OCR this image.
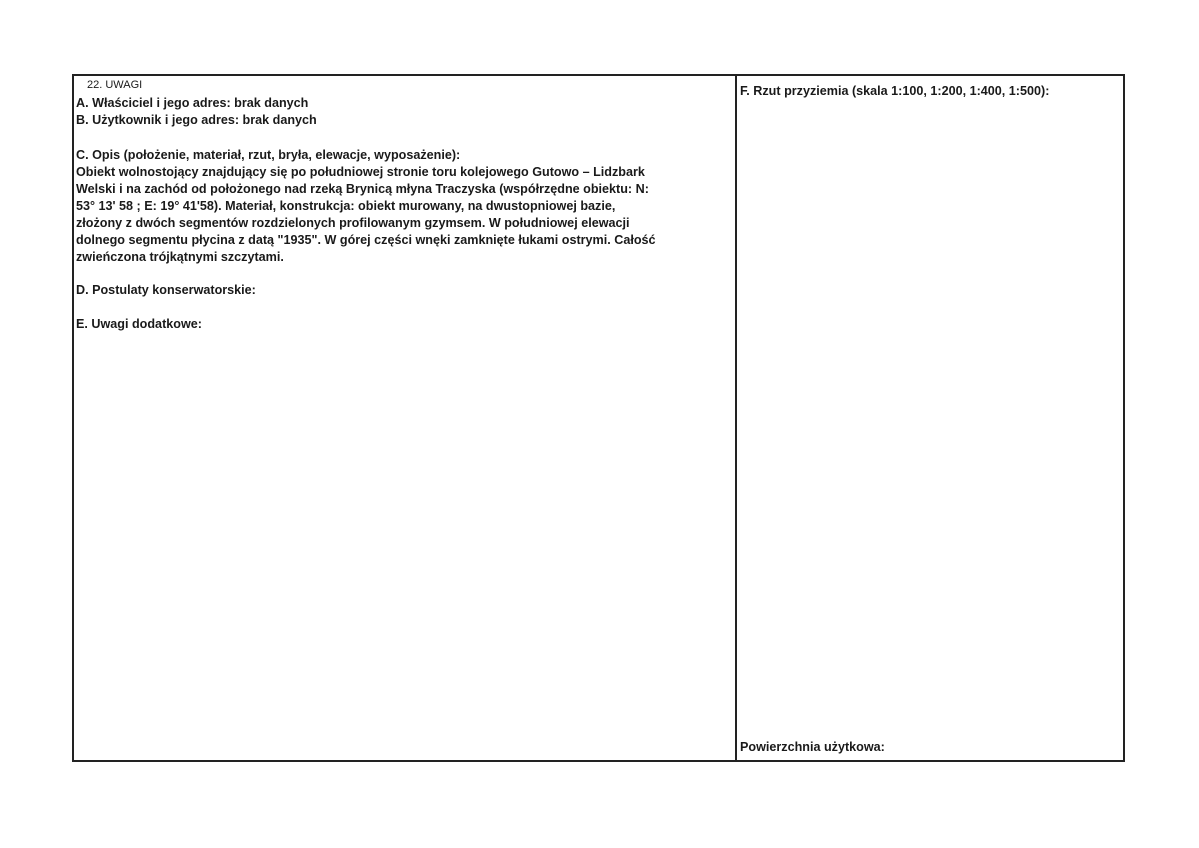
22. UWAGI
A. Właściciel i jego adres: brak danych
B. Użytkownik i jego adres: brak danych
C. Opis (położenie, materiał, rzut, bryła, elewacje, wyposażenie):
Obiekt wolnostojący znajdujący się po południowej stronie toru kolejowego Gutowo – Lidzbark
Welski i na zachód od położonego nad rzeką Brynicą młyna Traczyska (współrzędne obiektu: N:
53° 13' 58 ; E: 19° 41'58). Materiał, konstrukcja: obiekt murowany, na dwustopniowej bazie,
złożony z dwóch segmentów rozdzielonych profilowanym gzymsem. W południowej elewacji
dolnego segmentu płycina z datą "1935". W górej części wnęki zamknięte łukami ostrymi. Całość
zwieńczona trójkątnymi szczytami.
D. Postulaty konserwatorskie:
E. Uwagi dodatkowe:
F. Rzut przyziemia (skala 1:100, 1:200, 1:400, 1:500):
Powierzchnia użytkowa:
